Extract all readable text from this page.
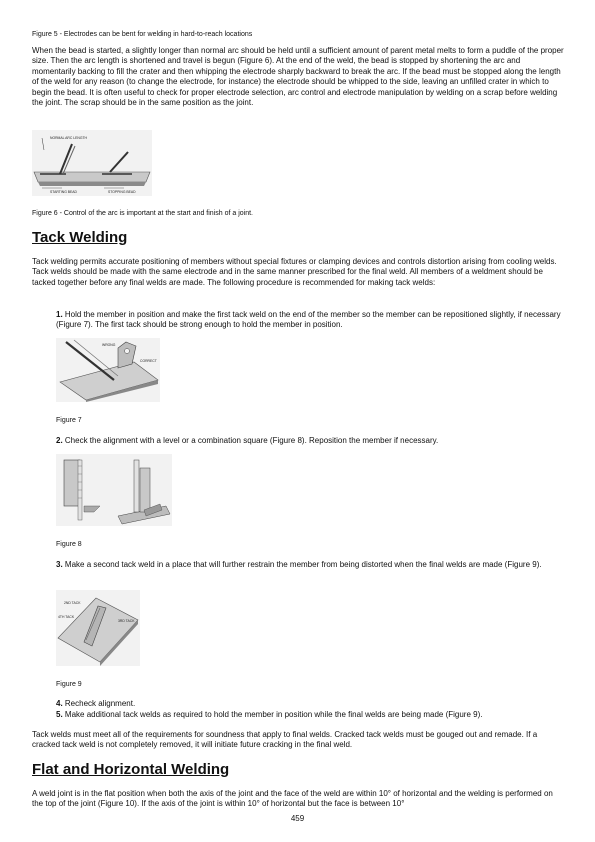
Figure 5 - Electrodes can be bent for welding in hard-to-reach locations
When the bead is started, a slightly longer than normal arc should be held until a sufficient amount of parent metal melts to form a puddle of the proper size. Then the arc length is shortened and travel is begun (Figure 6). At the end of the weld, the bead is stopped by shortening the arc and momentarily backing to fill the crater and then whipping the electrode sharply backward to break the arc. If the bead must be stopped along the length of the weld for any reason (to change the electrode, for instance) the electrode should be whipped to the side, leaving an unfilled crater in which to begin the bead. It is often useful to check for proper electrode selection, arc control and electrode manipulation by welding on a scrap before welding the joint. The scrap should be in the same position as the joint.
NORMAL ARC LENGTH
STARTING BEAD	STOPPING BEAD
Figure 6 - Control of the arc is important at the start and finish of a joint.
Tack Welding
Tack welding permits accurate positioning of members without special fixtures or clamping devices and controls distortion arising from cooling welds. Tack welds should be made with the same electrode and in the same manner prescribed for the final weld. All members of a weldment should be tacked together before any final welds are made. The following procedure is recommended for making tack welds:
1. Hold the member in position and make the first tack weld on the end of the member so the member can be repositioned slightly, if necessary (Figure 7). The first tack should be strong enough to hold the member in position.
WRONG
CORRECT
Figure 7
2. Check the alignment with a level or a combination square (Figure 8). Reposition the member if necessary.
Figure 8
3. Make a second tack weld in a place that will further restrain the member from being distorted when the final welds are made (Figure 9).
2ND TACK
4TH TACK
3RD TACK
Figure 9
4. Recheck alignment.
5. Make additional tack welds as required to hold the member in position while the final welds are being made (Figure 9).
Tack welds must meet all of the requirements for soundness that apply to final welds. Cracked tack welds must be gouged out and remade. If a cracked tack weld is not completely removed, it will initiate future cracking in the final weld.
Flat and Horizontal Welding
A weld joint is in the flat position when both the axis of the joint and the face of the weld are within 10° of horizontal and the welding is performed on the top of the joint (Figure 10). If the axis of the joint is within 10° of horizontal but the face is between 10°
459
